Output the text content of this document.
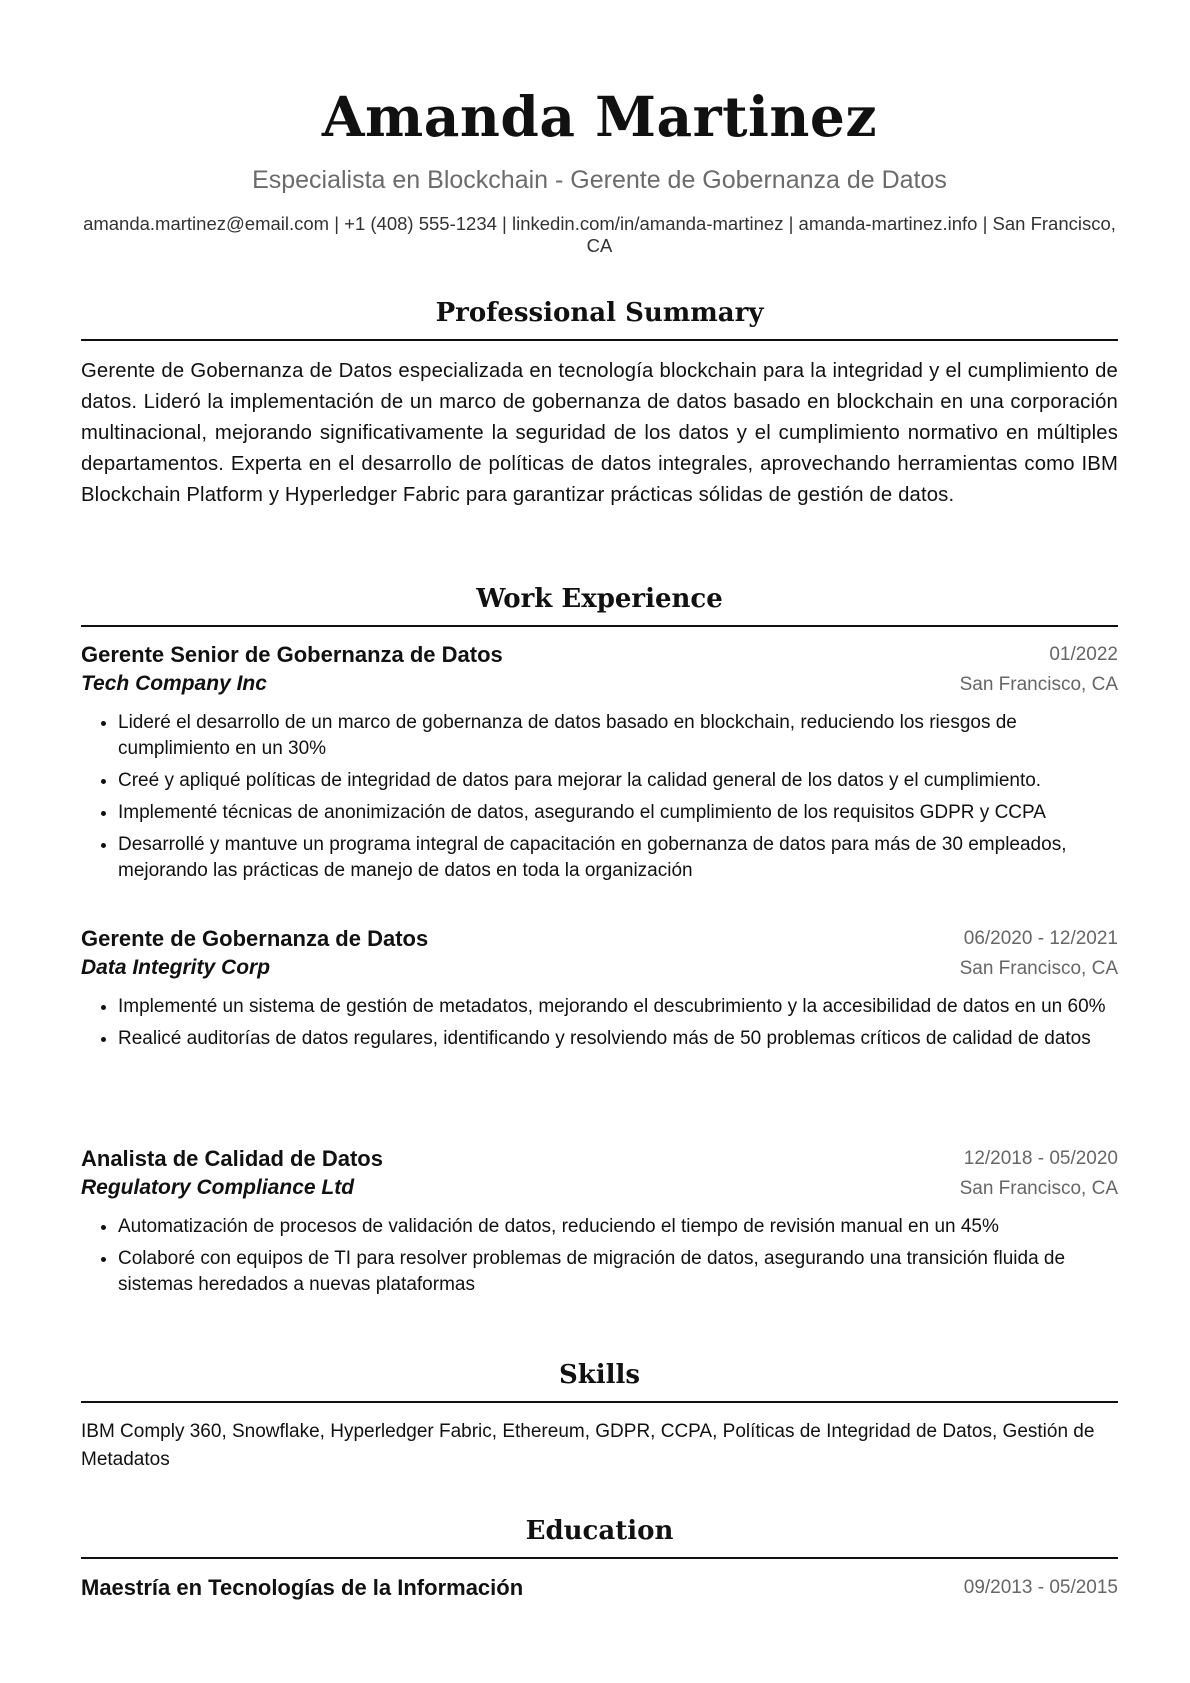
Amanda Martinez
Especialista en Blockchain - Gerente de Gobernanza de Datos
amanda.martinez@email.com | +1 (408) 555-1234 | linkedin.com/in/amanda-martinez | amanda-martinez.info | San Francisco, CA
Professional Summary
Gerente de Gobernanza de Datos especializada en tecnología blockchain para la integridad y el cumplimiento de datos. Lideró la implementación de un marco de gobernanza de datos basado en blockchain en una corporación multinacional, mejorando significativamente la seguridad de los datos y el cumplimiento normativo en múltiples departamentos. Experta en el desarrollo de políticas de datos integrales, aprovechando herramientas como IBM Blockchain Platform y Hyperledger Fabric para garantizar prácticas sólidas de gestión de datos.
Work Experience
Gerente Senior de Gobernanza de Datos	01/2022
Tech Company Inc	San Francisco, CA
• Lideré el desarrollo de un marco de gobernanza de datos basado en blockchain, reduciendo los riesgos de cumplimiento en un 30%
• Creé y apliqué políticas de integridad de datos para mejorar la calidad general de los datos y el cumplimiento.
• Implementé técnicas de anonimización de datos, asegurando el cumplimiento de los requisitos GDPR y CCPA
• Desarrollé y mantuve un programa integral de capacitación en gobernanza de datos para más de 30 empleados, mejorando las prácticas de manejo de datos en toda la organización
Gerente de Gobernanza de Datos	06/2020 - 12/2021
Data Integrity Corp	San Francisco, CA
• Implementé un sistema de gestión de metadatos, mejorando el descubrimiento y la accesibilidad de datos en un 60%
• Realicé auditorías de datos regulares, identificando y resolviendo más de 50 problemas críticos de calidad de datos
Analista de Calidad de Datos	12/2018 - 05/2020
Regulatory Compliance Ltd	San Francisco, CA
• Automatización de procesos de validación de datos, reduciendo el tiempo de revisión manual en un 45%
• Colaboré con equipos de TI para resolver problemas de migración de datos, asegurando una transición fluida de sistemas heredados a nuevas plataformas
Skills
IBM Comply 360, Snowflake, Hyperledger Fabric, Ethereum, GDPR, CCPA, Políticas de Integridad de Datos, Gestión de Metadatos
Education
Maestría en Tecnologías de la Información	09/2013 - 05/2015
